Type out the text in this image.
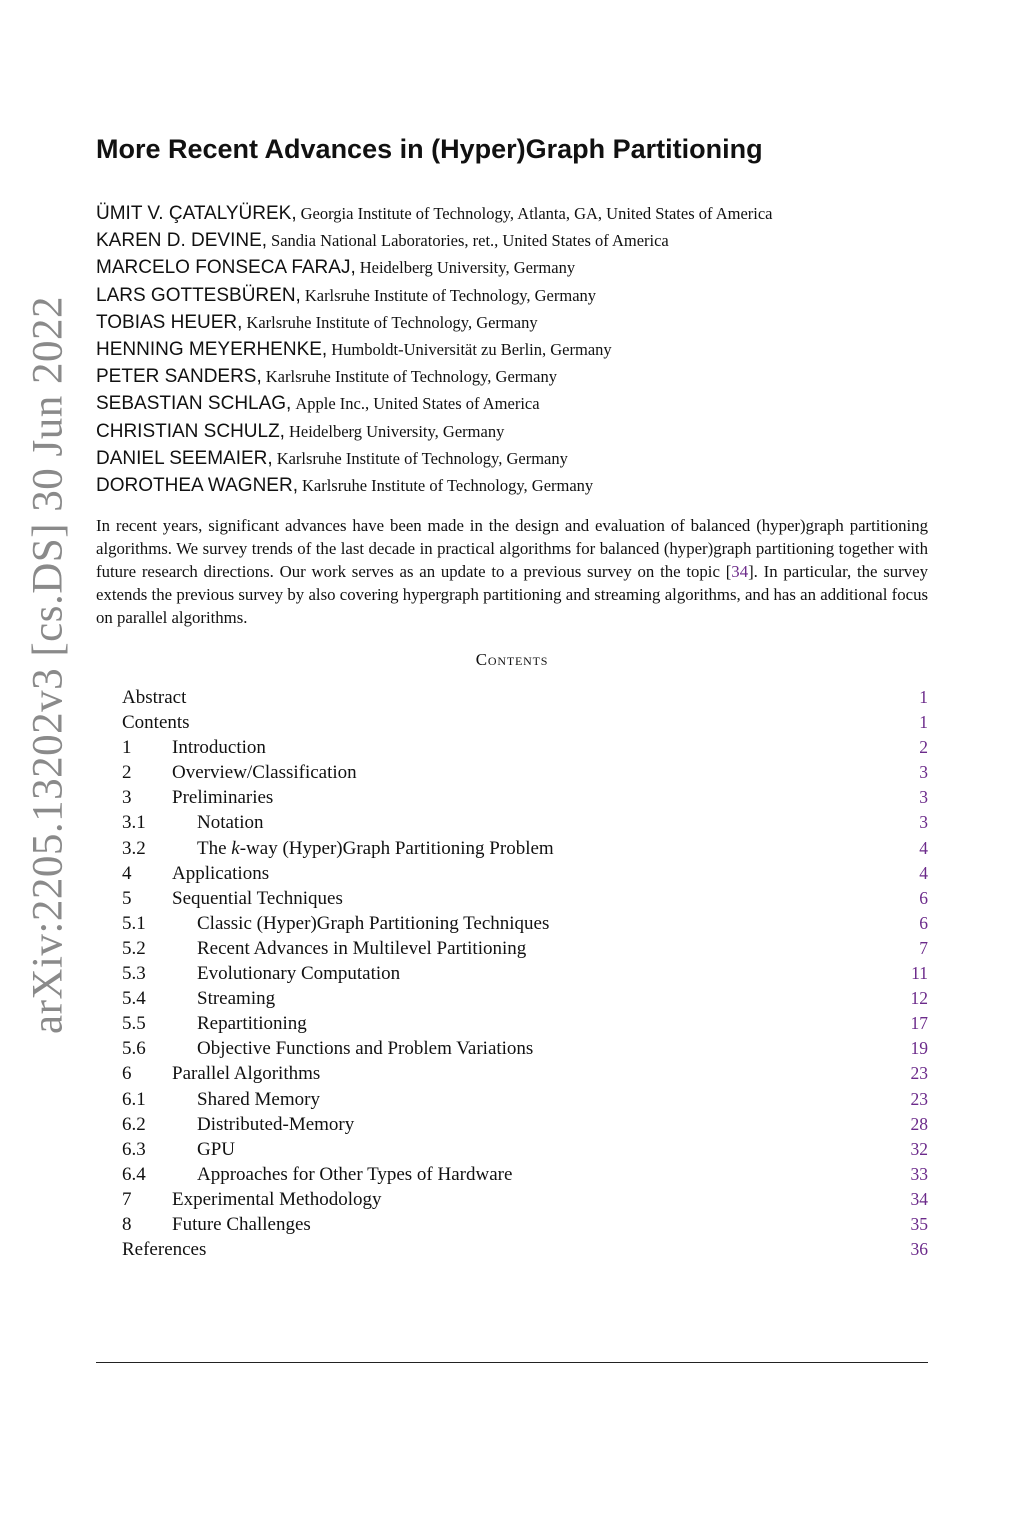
arXiv:2205.13202v3 [cs.DS] 30 Jun 2022
More Recent Advances in (Hyper)Graph Partitioning
ÜMIT V. ÇATALYÜREK, Georgia Institute of Technology, Atlanta, GA, United States of America
KAREN D. DEVINE, Sandia National Laboratories, ret., United States of America
MARCELO FONSECA FARAJ, Heidelberg University, Germany
LARS GOTTESBÜREN, Karlsruhe Institute of Technology, Germany
TOBIAS HEUER, Karlsruhe Institute of Technology, Germany
HENNING MEYERHENKE, Humboldt-Universität zu Berlin, Germany
PETER SANDERS, Karlsruhe Institute of Technology, Germany
SEBASTIAN SCHLAG, Apple Inc., United States of America
CHRISTIAN SCHULZ, Heidelberg University, Germany
DANIEL SEEMAIER, Karlsruhe Institute of Technology, Germany
DOROTHEA WAGNER, Karlsruhe Institute of Technology, Germany

In recent years, significant advances have been made in the design and evaluation of balanced (hyper)graph partitioning algorithms. We survey trends of the last decade in practical algorithms for balanced (hyper)graph partitioning together with future research directions. Our work serves as an update to a previous survey on the topic [34]. In particular, the survey extends the previous survey by also covering hypergraph partitioning and streaming algorithms, and has an additional focus on parallel algorithms.

Contents
Abstract	1
Contents	1
1 Introduction	2
2 Overview/Classification	3
3 Preliminaries	3
3.1	Notation	3
3.2	The k-way (Hyper)Graph Partitioning Problem	4
4 Applications	4
5 Sequential Techniques	6
5.1	Classic (Hyper)Graph Partitioning Techniques	6
5.2	Recent Advances in Multilevel Partitioning	7
5.3	Evolutionary Computation	11
5.4	Streaming	12
5.5	Repartitioning	17
5.6	Objective Functions and Problem Variations	19
6 Parallel Algorithms	23
6.1	Shared Memory	23
6.2	Distributed-Memory	28
6.3	GPU	32
6.4	Approaches for Other Types of Hardware	33
7 Experimental Methodology	34
8 Future Challenges	35
References	36
